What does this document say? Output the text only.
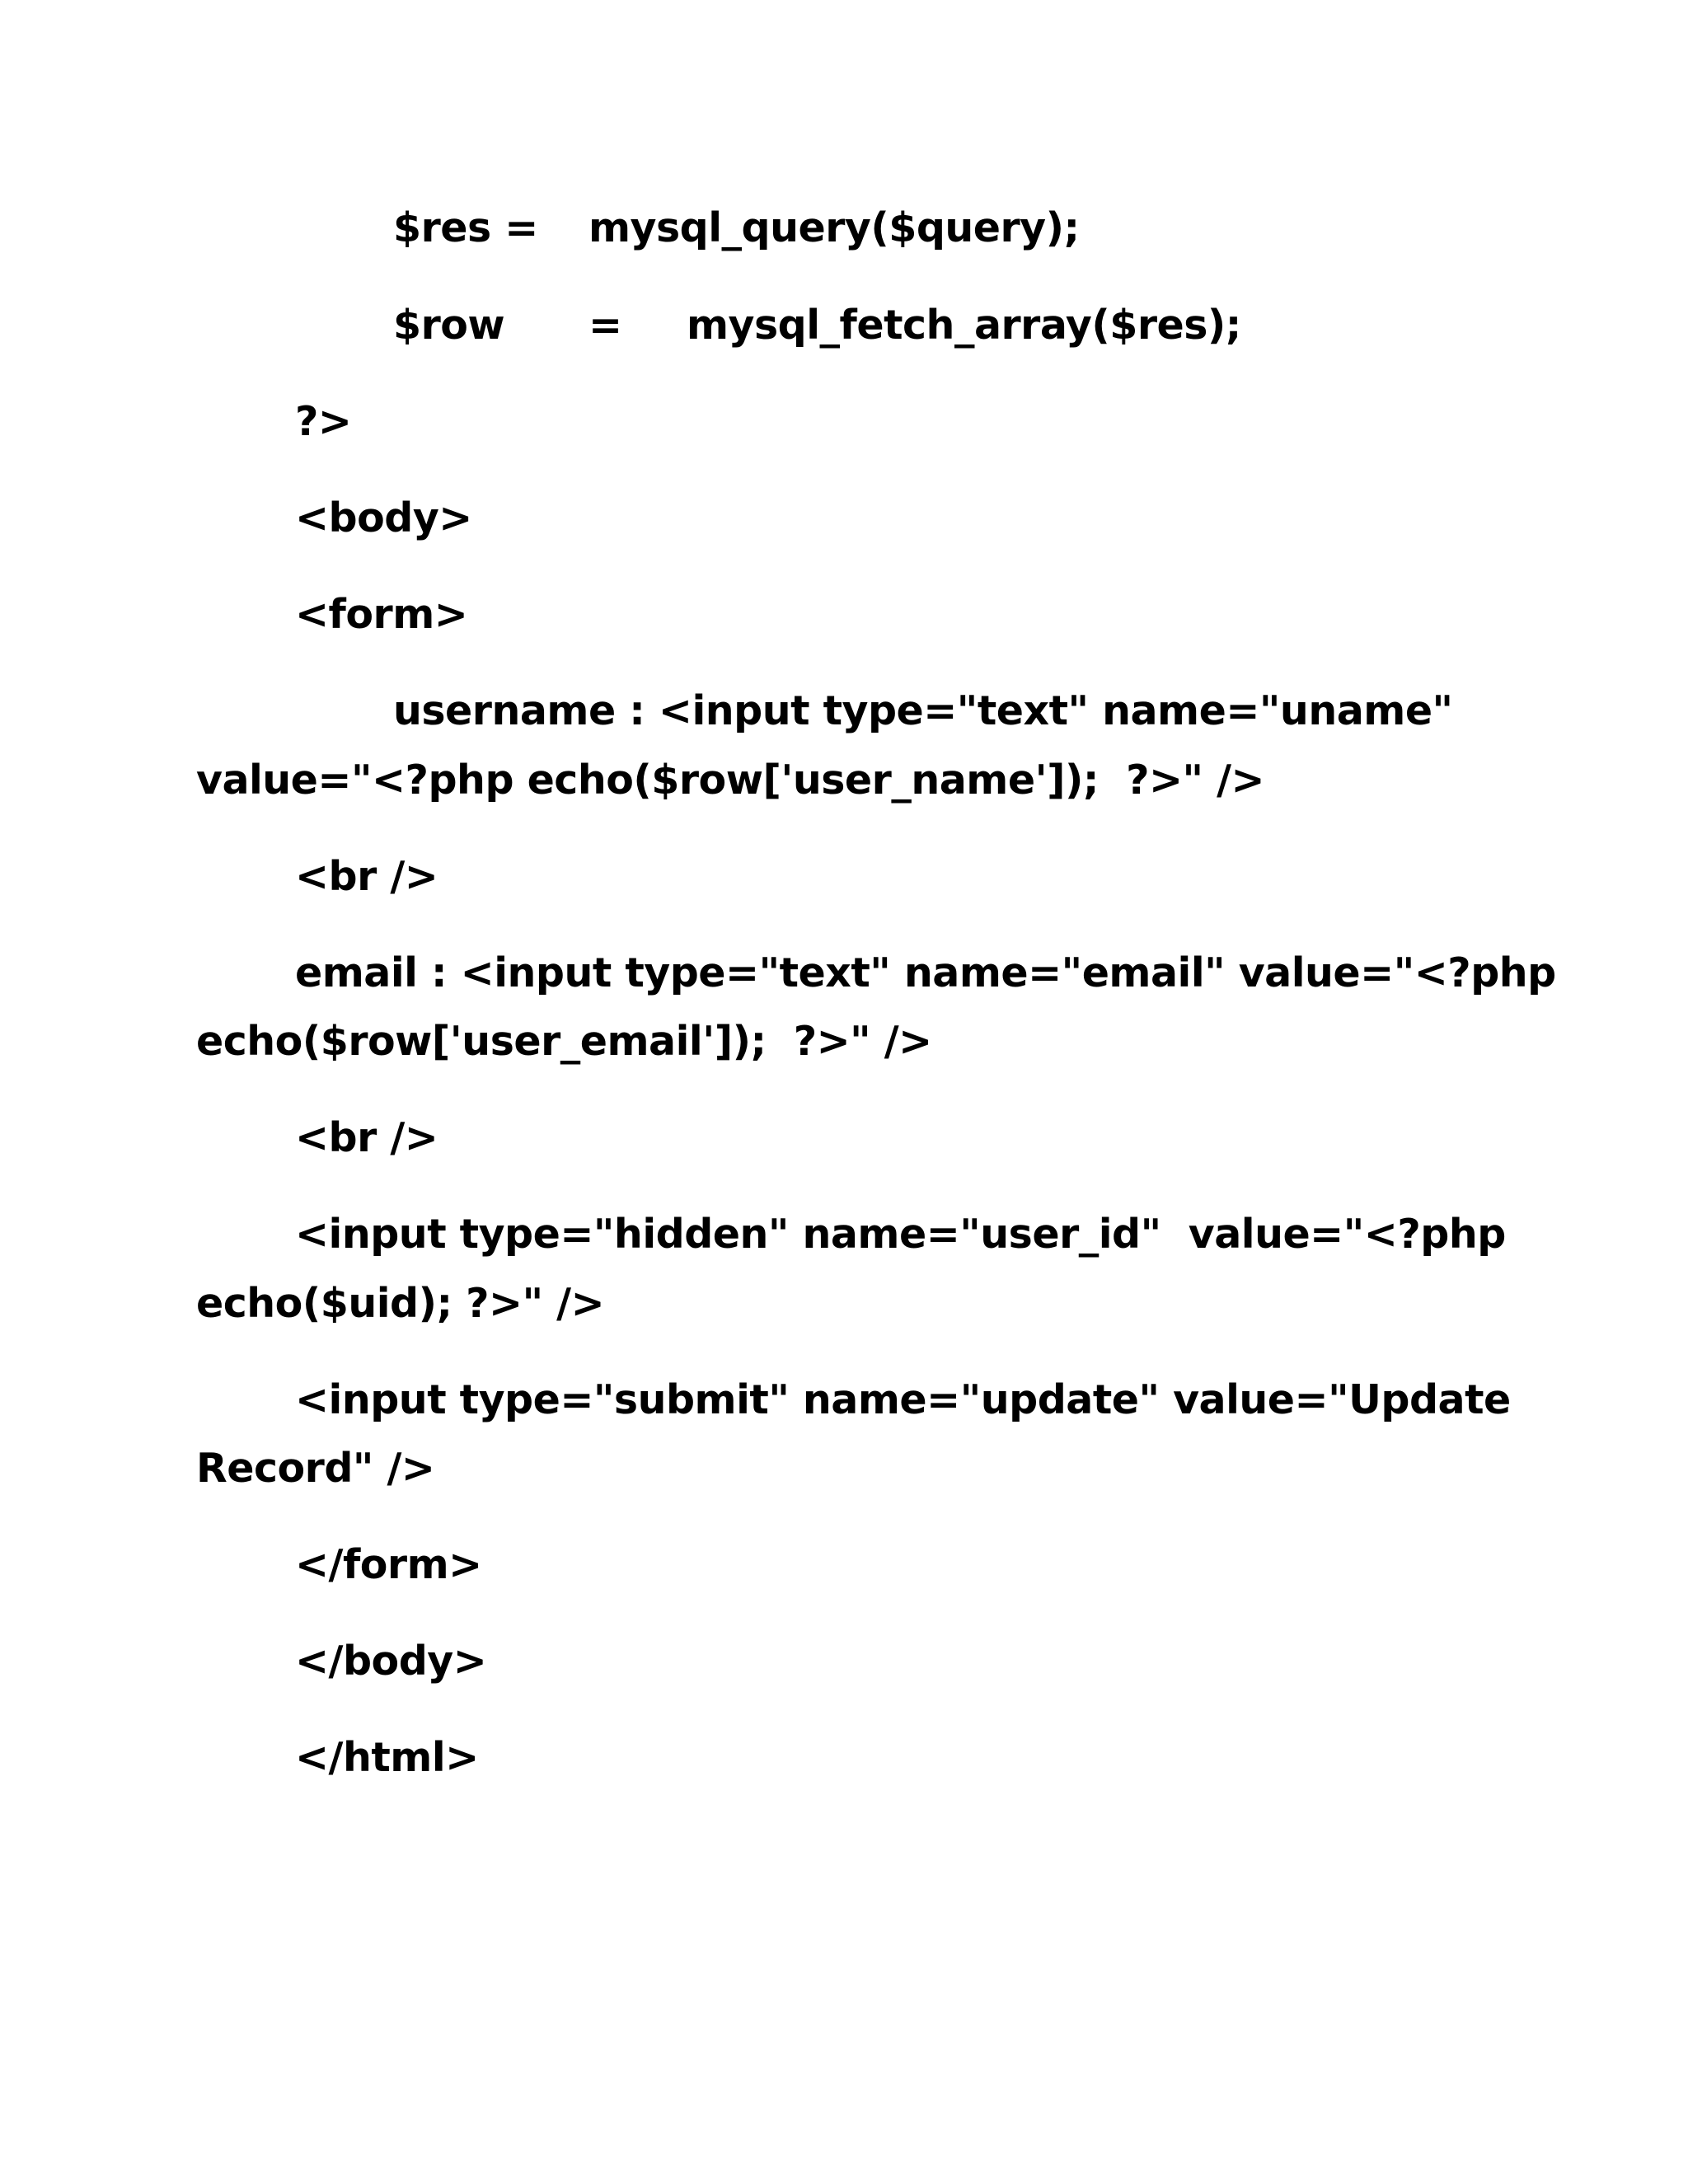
$res =

mysql_query($query);

$row

=

mysql_fetch_array($res);

?>
<body>
<form>
username : <input type="text" name="uname"
value="<?php echo($row['user_name']);  ?>" />
<br />
email : <input type="text" name="email" value="<?php
echo($row['user_email']);  ?>" />
<br />
<input type="hidden" name="user_id"  value="<?php
echo($uid); ?>" />
<input type="submit" name="update" value="Update
Record" />
</form>
</body>
</html>
